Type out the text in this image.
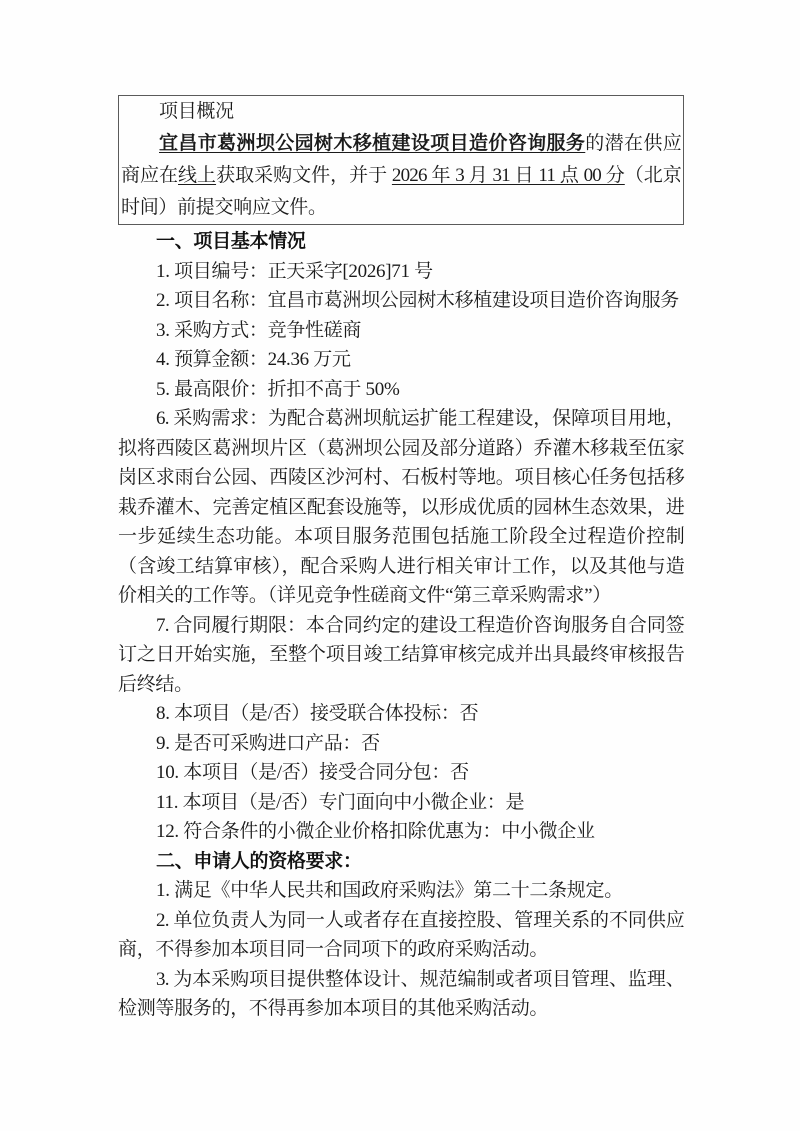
项目概况
宜昌市葛洲坝公园树木移植建设项目造价咨询服务的潜在供应
商应在线上获取采购文件，并于 2026 年 3 月 31 日 11 点 00 分（北京
时间）前提交响应文件。
一、项目基本情况
1. 项目编号：正天采字[2026]71 号
2. 项目名称：宜昌市葛洲坝公园树木移植建设项目造价咨询服务
3. 采购方式：竞争性磋商
4. 预算金额：24.36 万元
5. 最高限价：折扣不高于 50%
6. 采购需求：为配合葛洲坝航运扩能工程建设，保障项目用地，
拟将西陵区葛洲坝片区（葛洲坝公园及部分道路）乔灌木移栽至伍家
岗区求雨台公园、西陵区沙河村、石板村等地。项目核心任务包括移
栽乔灌木、完善定植区配套设施等，以形成优质的园林生态效果，进
一步延续生态功能。本项目服务范围包括施工阶段全过程造价控制
（含竣工结算审核），配合采购人进行相关审计工作，以及其他与造
价相关的工作等。（详见竞争性磋商文件“第三章采购需求”）
7. 合同履行期限：本合同约定的建设工程造价咨询服务自合同签
订之日开始实施，至整个项目竣工结算审核完成并出具最终审核报告
后终结。
8. 本项目（是/否）接受联合体投标：否
9. 是否可采购进口产品：否
10. 本项目（是/否）接受合同分包：否
11. 本项目（是/否）专门面向中小微企业：是
12. 符合条件的小微企业价格扣除优惠为：中小微企业
二、申请人的资格要求：
1. 满足《中华人民共和国政府采购法》第二十二条规定。
2. 单位负责人为同一人或者存在直接控股、管理关系的不同供应
商，不得参加本项目同一合同项下的政府采购活动。
3. 为本采购项目提供整体设计、规范编制或者项目管理、监理、
检测等服务的，不得再参加本项目的其他采购活动。
